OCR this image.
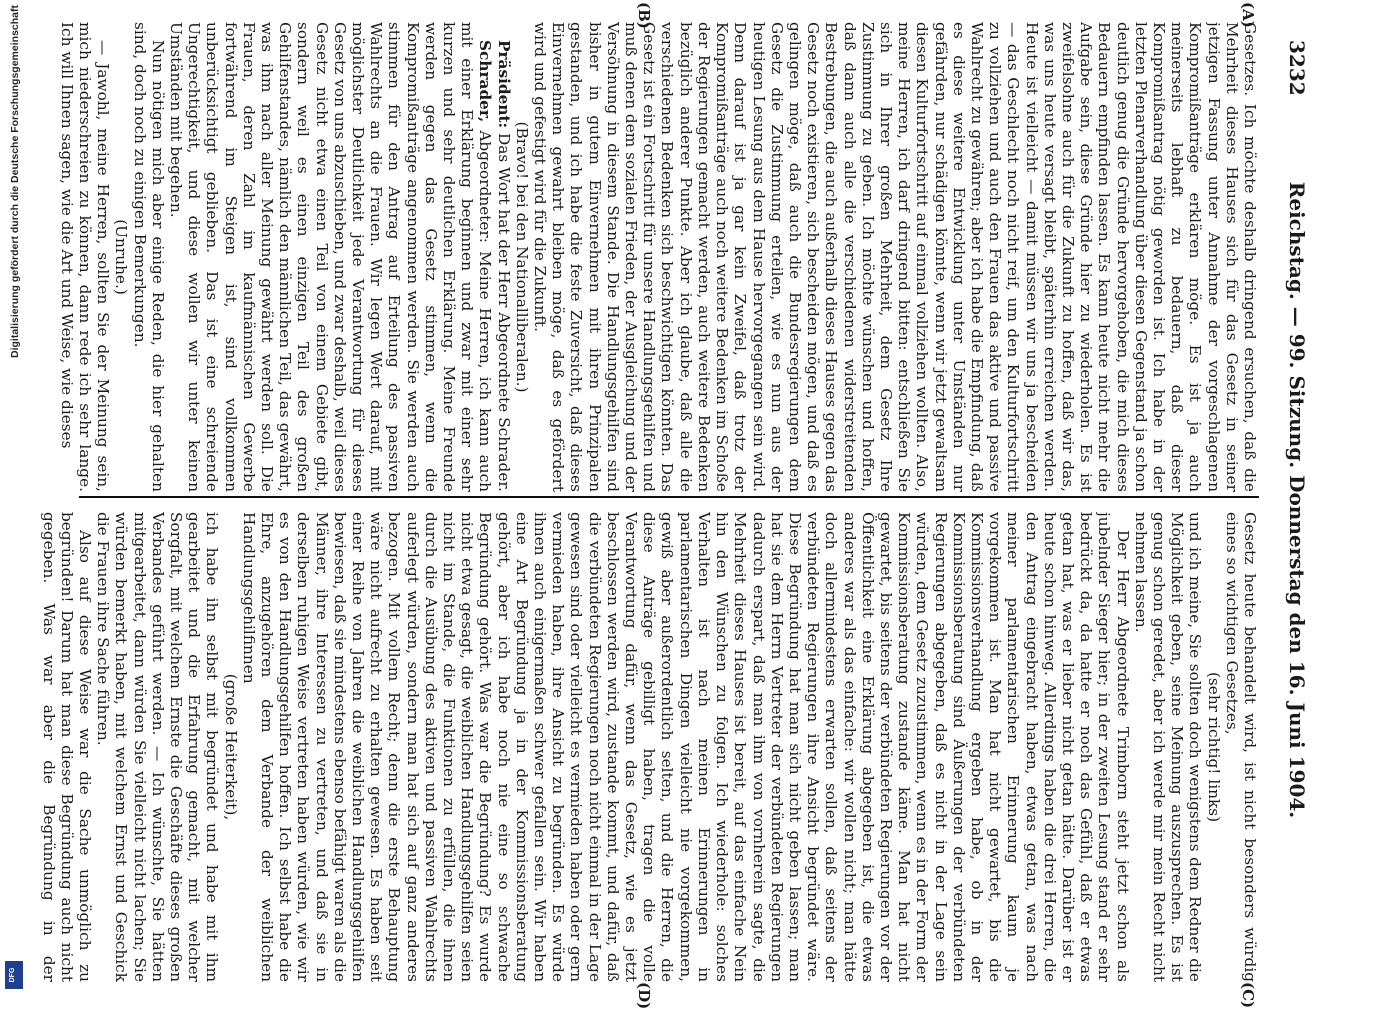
3232
Reichstag. — 99. Sitzung. Donnerstag den 16. Juni 1904.
(A)
(B)
(C)
(D)

Gesetzes. Ich möchte deshalb dringend ersuchen, daß die Mehrheit dieses Hauses sich für das Gesetz in seiner jetzigen Fassung unter Annahme der vorgeschlagenen Kompromißanträge erklären möge. Es ist ja auch meinerseits lebhaft zu bedauern, daß dieser Kompromißantrag nötig geworden ist. Ich habe in der letzten Plenarverhandlung über diesen Gegenstand ja schon deutlich genug die Gründe hervorgehoben, die mich dieses Bedauern empfinden lassen. Es kann heute nicht mehr die Aufgabe sein, diese Gründe hier zu wiederholen. Es ist zweifelsohne auch für die Zukunft zu hoffen, daß wir das, was uns heute versagt bleibt, späterhin erreichen werden. Heute ist vielleicht — damit müssen wir uns ja bescheiden — das Geschlecht noch nicht reif, um den Kulturfortschritt zu vollziehen und auch den Frauen das aktive und passive Wahlrecht zu gewähren; aber ich habe die Empfindung, daß es diese weitere Entwicklung unter Umständen nur gefährden, nur schädigen könnte, wenn wir jetzt gewaltsam diesen Kulturfortschritt auf einmal vollziehen wollten. Also, meine Herren, ich darf dringend bitten: entschließen Sie sich in Ihrer großen Mehrheit, dem Gesetz Ihre Zustimmung zu geben. Ich möchte wünschen und hoffen, daß dann auch alle die verschiedenen widerstreitenden Bestrebungen, die auch außerhalb dieses Hauses gegen das Gesetz noch existieren, sich bescheiden mögen, und daß es gelingen möge, daß auch die Bundesregierungen dem Gesetz die Zustimmung erteilen, wie es nun aus der heutigen Lesung aus dem Hause hervorgegangen sein wird. Denn darauf ist ja gar kein Zweifel, daß trotz der Kompromißanträge auch noch weitere Bedenken im Schoße der Regierungen gemacht werden, auch weitere Bedenken bezüglich anderer Punkte. Aber ich glaube, daß alle die verschiedenen Bedenken sich beschwichtigen könnten. Das Gesetz ist ein Fortschritt für unsere Handlungsgehilfen und muß denen dem sozialen Frieden, der Ausgleichung und der Versöhnung in diesem Stande. Die Handlungsgehilfen sind bisher in gutem Einvernehmen mit ihren Prinzipalen gestanden, und ich habe die feste Zuversicht, daß dieses Einvernehmen gewahrt bleiben möge, daß es gefördert wird und gefestigt wird für die Zukunft.

(Bravo! bei den Nationalliberalen.)

Präsident: Das Wort hat der Herr Abgeordnete Schrader.

Schrader, Abgeordneter: Meine Herren, ich kann auch mit einer Erklärung beginnen und zwar mit einer sehr kurzen und sehr deutlichen Erklärung. Meine Freunde werden gegen das Gesetz stimmen, wenn die Kompromißanträge angenommen werden. Sie werden auch stimmen für den Antrag auf Erteilung des passiven Wahlrechts an die Frauen. Wir legen Wert darauf, mit möglichster Deutlichkeit jede Verantwortung für dieses Gesetz von uns abzuschieben, und zwar deshalb, weil dieses Gesetz nicht etwa einen Teil von einem Gebiete gibt, sondern weil es einen einzigen Teil des großen Gehilfenstandes, nämlich den männlichen Teil, das gewährt, was ihm nach aller Meinung gewährt werden soll. Die Frauen, deren Zahl im kaufmännischen Gewerbe fortwährend im Steigen ist, sind vollkommen unberücksichtigt geblieben. Das ist eine schreiende Ungerechtigkeit, und diese wollen wir unter keinen Umständen mit begehen.

Nun nötigen mich aber einige Reden, die hier gehalten sind, doch noch zu einigen Bemerkungen.

(Unruhe.)

— Jawohl, meine Herren, sollten Sie der Meinung sein, mich niederschreien zu können, dann rede ich sehr lange. Ich will Ihnen sagen, wie die Art und Weise, wie dieses

Gesetz heute behandelt wird, ist nicht besonders würdig eines so wichtigen Gesetzes,

(sehr richtig! links)

und ich meine, Sie sollten doch wenigstens dem Redner die Möglichkeit geben, seine Meinung auszusprechen. Es ist genug schon geredet, aber ich werde mir mein Recht nicht nehmen lassen.

Der Herr Abgeordnete Trimborn steht jetzt schon als jubelnder Sieger hier; in der zweiten Lesung stand er sehr bedrückt da, da hatte er noch das Gefühl, daß er etwas getan hat, was er lieber nicht getan hätte. Darüber ist er heute schon hinweg. Allerdings haben die drei Herren, die den Antrag eingebracht haben, etwas getan, was nach meiner parlamentarischen Erinnerung kaum je vorgekommen ist. Man hat nicht gewartet, bis die Kommissionsverhandlung ergeben habe, ob in der Kommissionsberatung sind Äußerungen der verbündeten Regierungen abgegeben, daß es nicht in der Lage sein würden, dem Gesetz zuzustimmen, wenn es in der Form der Kommissionsberatung zustande käme. Man hat nicht gewartet, bis seitens der verbündeten Regierungen vor der Öffentlichkeit eine Erklärung abgegeben ist, die etwas anderes war als das einfache: wir wollen nicht; man hätte doch allermindestens erwarten sollen, daß seitens der verbündeten Regierungen ihre Ansicht begründet wäre. Diese Begründung hat man sich nicht geben lassen; man hat sie dem Herrn Vertreter der verbündeten Regierungen dadurch erspart, daß man ihm von vornherein sagte, die Mehrheit dieses Hauses ist bereit, auf das einfache Nein hin den Wünschen zu folgen. Ich wiederhole: solches Verhalten ist nach meinen Erinnerungen in parlamentarischen Dingen vielleicht nie vorgekommen, gewiß aber außerordentlich selten, und die Herren, die diese Anträge gebilligt haben, tragen die volle Verantwortung dafür, wenn das Gesetz, wie es jetzt beschlossen werden wird, zustande kommt, und dafür, daß die verbündeten Regierungen noch nicht einmal in der Lage gewesen sind oder vielleicht es vermieden haben oder gern vermieden haben, ihre Ansicht zu begründen. Es würde ihnen auch einigermaßen schwer gefallen sein. Wir haben eine Art Begründung ja in der Kommissionsberatung gehört, aber ich habe noch nie eine so schwache Begründung gehört. Was war die Begründung? Es wurde nicht etwa gesagt, die weiblichen Handlungsgehilfen seien nicht im Stande, die Funktionen zu erfüllen, die ihnen durch die Ausübung des aktiven und passiven Wahlrechts auferlegt würden, sondern man hat sich auf ganz anderes bezogen. Mit vollem Recht; denn die erste Behauptung wäre nicht aufrecht zu erhalten gewesen. Es haben seit einer Reihe von Jahren die weiblichen Handlungsgehilfen bewiesen, daß sie mindestens ebenso befähigt waren als die Männer, ihre Interessen zu vertreten, und daß sie in derselben ruhigen Weise vertreten haben würden, wie wir es von den Handlungsgehilfen hoffen. Ich selbst habe die Ehre, anzugehören dem Verbande der weiblichen Handlungsgehilfinnen

(große Heiterkeit),

ich habe ihn selbst mit begründet und habe mit ihm gearbeitet und die Erfahrung gemacht, mit welcher Sorgfalt, mit welchem Ernste die Geschäfte dieses großen Verbandes geführt werden. — Ich wünschte, Sie hätten mitgearbeitet, dann würden Sie vielleicht nicht lachen; Sie würden bemerkt haben, mit welchem Ernst und Geschick die Frauen ihre Sache führen.

Also auf diese Weise war die Sache unmöglich zu begründen! Darum hat man diese Begründung auch nicht gegeben. Was war aber die Begründung in der

Digitalisierung gefördert durch die Deutsche Forschungsgemeinschaft
DFG
